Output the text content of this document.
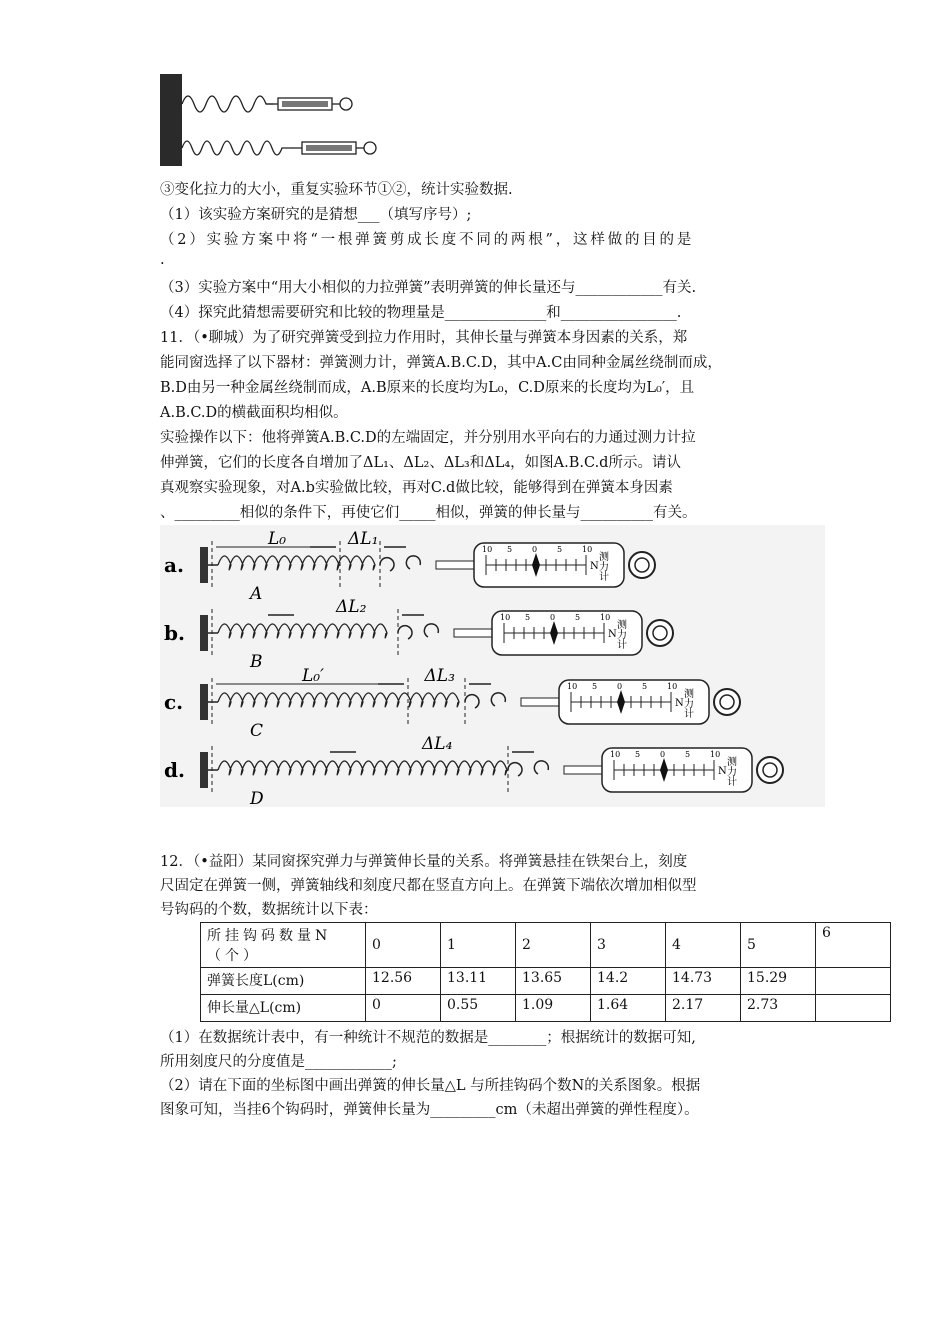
③变化拉力的大小，重复实验环节①②，统计实验数据.
（1）该实验方案研究的是猜想___（填写序号）;
（2）实验方案中将“一根弹簧剪成长度不同的两根”，这样做的目的是
.
（3）实验方案中“用大小相似的力拉弹簧”表明弹簧的伸长量还与____________有关.
（4）探究此猜想需要研究和比较的物理量是______________和________________.
11．（•聊城）为了研究弹簧受到拉力作用时，其伸长量与弹簧本身因素的关系，郑
能同窗选择了以下器材：弹簧测力计，弹簧A.B.C.D，其中A.C由同种金属丝绕制而成，
B.D由另一种金属丝绕制而成，A.B原来的长度均为L₀，C.D原来的长度均为L₀′，且
A.B.C.D的横截面积均相似。
实验操作以下：他将弹簧A.B.C.D的左端固定，并分别用水平向右的力通过测力计拉
伸弹簧，它们的长度各自增加了ΔL₁、ΔL₂、ΔL₃和ΔL₄，如图A.B.C.d所示。请认
真观察实验现象，对A.b实验做比较，再对C.d做比较，能够得到在弹簧本身因素
、_________相似的条件下，再使它们_____相似，弹簧的伸长量与__________有关。
a.
L₀	ΔL₁
A
10 5 0 5 10
N
测力计
b.
ΔL₂
B
10 5 0 5 10
N
测力计
c.
L₀′	ΔL₃
C
10 5 0 5 10
N
测力计
d.
ΔL₄
D
10 5 0 5 10
N
测力计
12．（•益阳）某同窗探究弹力与弹簧伸长量的关系。将弹簧悬挂在铁架台上，刻度
尺固定在弹簧一侧，弹簧轴线和刻度尺都在竖直方向上。在弹簧下端依次增加相似型
号钩码的个数，数据统计以下表：
所挂钩码数量N（个）	0	1	2	3	4	5	6
弹簧长度L(cm)	12.56	13.11	13.65	14.2	14.73	15.29	
伸长量△L(cm)	0	0.55	1.09	1.64	2.17	2.73	
（1）在数据统计表中，有一种统计不规范的数据是________；根据统计的数据可知,
所用刻度尺的分度值是____________;
（2）请在下面的坐标图中画出弹簧的伸长量△L 与所挂钩码个数N的关系图象。根据
图象可知，当挂6个钩码时，弹簧伸长量为_________cm（未超出弹簧的弹性程度）。
